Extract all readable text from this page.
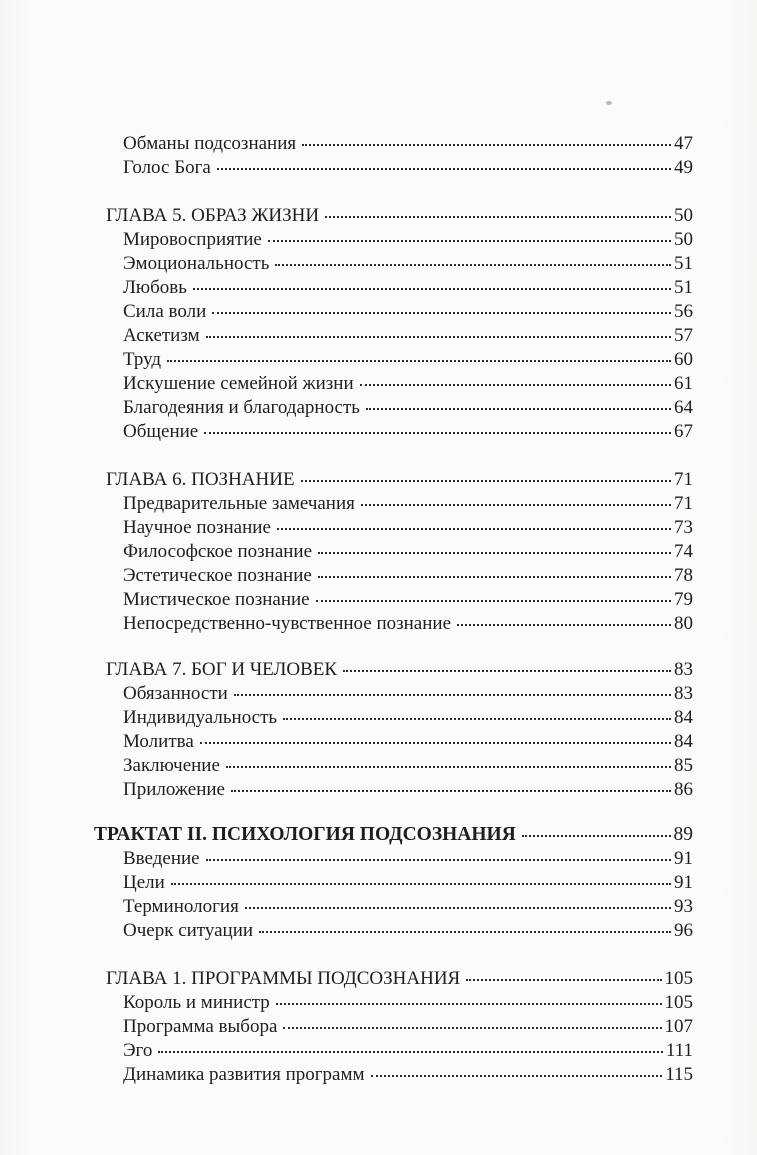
Обманы подсознания	47
Голос Бога	49
ГЛАВА 5. ОБРАЗ ЖИЗНИ	50
Мировосприятие	50
Эмоциональность	51
Любовь	51
Сила воли	56
Аскетизм	57
Труд	60
Искушение семейной жизни	61
Благодеяния и благодарность	64
Общение	67
ГЛАВА 6. ПОЗНАНИЕ	71
Предварительные замечания	71
Научное познание	73
Философское познание	74
Эстетическое познание	78
Мистическое познание	79
Непосредственно-чувственное познание	80
ГЛАВА 7. БОГ И ЧЕЛОВЕК	83
Обязанности	83
Индивидуальность	84
Молитва	84
Заключение	85
Приложение	86
ТРАКТАТ II. ПСИХОЛОГИЯ ПОДСОЗНАНИЯ	89
Введение	91
Цели	91
Терминология	93
Очерк ситуации	96
ГЛАВА 1. ПРОГРАММЫ ПОДСОЗНАНИЯ	105
Король и министр	105
Программа выбора	107
Эго	111
Динамика развития программ	115
